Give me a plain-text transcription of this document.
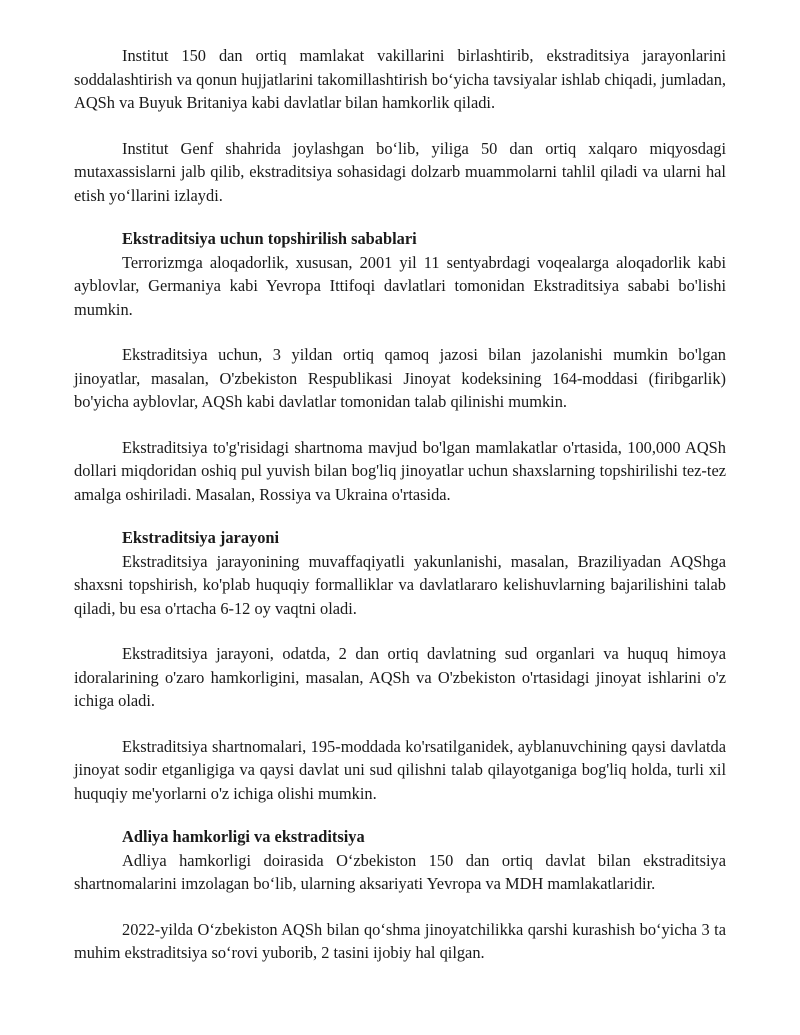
Institut 150 dan ortiq mamlakat vakillarini birlashtirib, ekstraditsiya jarayonlarini soddalashtirish va qonun hujjatlarini takomillashtirish bo‘yicha tavsiyalar ishlab chiqadi, jumladan, AQSh va Buyuk Britaniya kabi davlatlar bilan hamkorlik qiladi.

Institut Genf shahrida joylashgan bo‘lib, yiliga 50 dan ortiq xalqaro miqyosdagi mutaxassislarni jalb qilib, ekstraditsiya sohasidagi dolzarb muammolarni tahlil qiladi va ularni hal etish yo‘llarini izlaydi.

Ekstraditsiya uchun topshirilish sabablari

Terrorizmga aloqadorlik, xususan, 2001 yil 11 sentyabrdagi voqealarga aloqadorlik kabi ayblovlar, Germaniya kabi Yevropa Ittifoqi davlatlari tomonidan Ekstraditsiya sababi bo'lishi mumkin.

Ekstraditsiya uchun, 3 yildan ortiq qamoq jazosi bilan jazolanishi mumkin bo'lgan jinoyatlar, masalan, O'zbekiston Respublikasi Jinoyat kodeksining 164-moddasi (firibgarlik) bo'yicha ayblovlar, AQSh kabi davlatlar tomonidan talab qilinishi mumkin.

Ekstraditsiya to'g'risidagi shartnoma mavjud bo'lgan mamlakatlar o'rtasida, 100,000 AQSh dollari miqdoridan oshiq pul yuvish bilan bog'liq jinoyatlar uchun shaxslarning topshirilishi tez-tez amalga oshiriladi. Masalan, Rossiya va Ukraina o'rtasida.

Ekstraditsiya jarayoni

Ekstraditsiya jarayonining muvaffaqiyatli yakunlanishi, masalan, Braziliyadan AQShga shaxsni topshirish, ko'plab huquqiy formalliklar va davlatlararo kelishuvlarning bajarilishini talab qiladi, bu esa o'rtacha 6-12 oy vaqtni oladi.

Ekstraditsiya jarayoni, odatda, 2 dan ortiq davlatning sud organlari va huquq himoya idoralarining o'zaro hamkorligini, masalan, AQSh va O'zbekiston o'rtasidagi jinoyat ishlarini o'z ichiga oladi.

Ekstraditsiya shartnomalari, 195-moddada ko'rsatilganidek, ayblanuvchining qaysi davlatda jinoyat sodir etganligiga va qaysi davlat uni sud qilishni talab qilayotganiga bog'liq holda, turli xil huquqiy me'yorlarni o'z ichiga olishi mumkin.

Adliya hamkorligi va ekstraditsiya

Adliya hamkorligi doirasida O‘zbekiston 150 dan ortiq davlat bilan ekstraditsiya shartnomalarini imzolagan bo‘lib, ularning aksariyati Yevropa va MDH mamlakatlaridir.

2022-yilda O‘zbekiston AQSh bilan qo‘shma jinoyatchilikka qarshi kurashish bo‘yicha 3 ta muhim ekstraditsiya so‘rovi yuborib, 2 tasini ijobiy hal qilgan.
